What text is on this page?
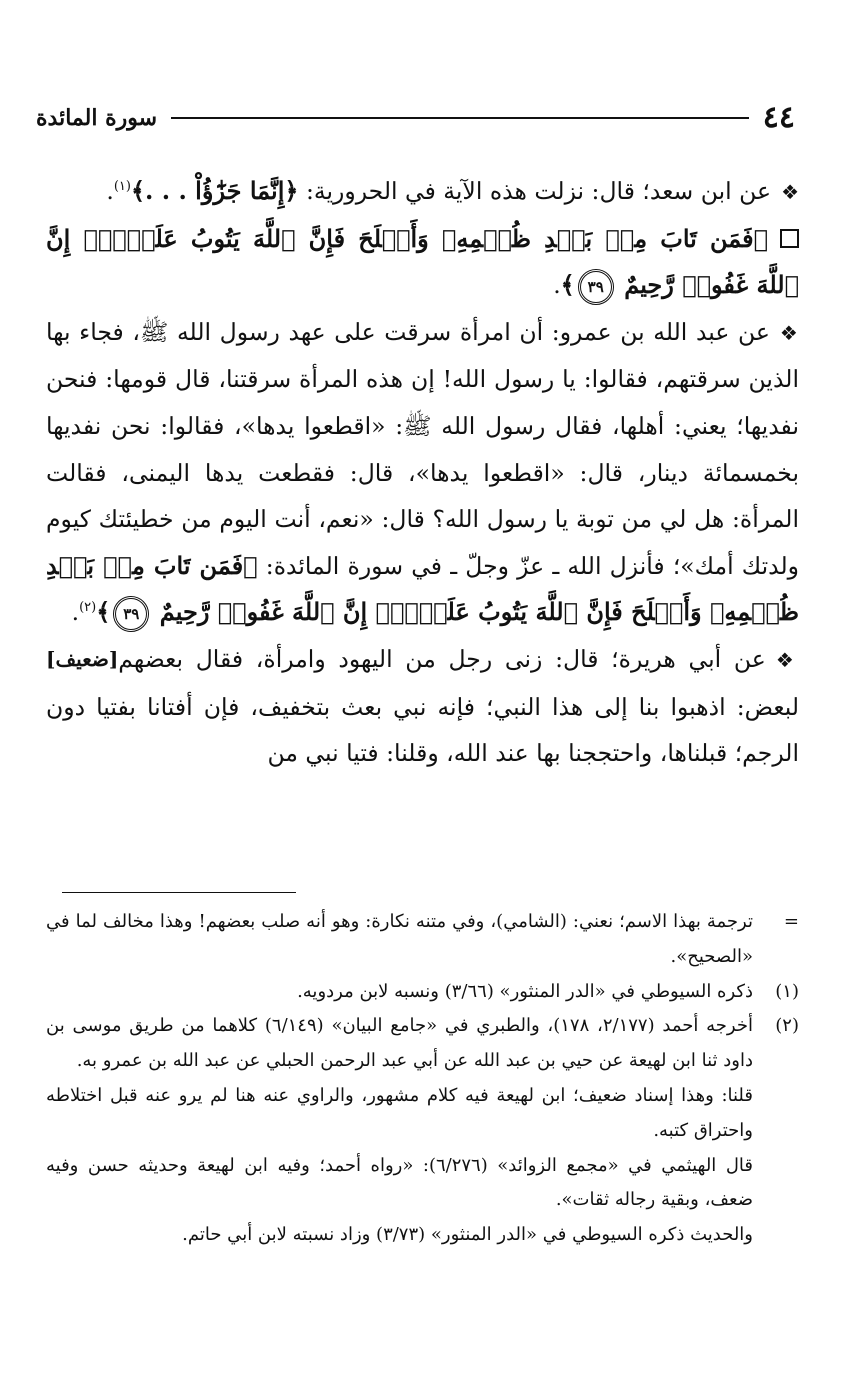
٤٤
سورة المائدة

❖عن ابن سعد؛ قال: نزلت هذه الآية في الحرورية: ﴿إِنَّمَا جَزَٰٓؤُاْ . . .﴾$^{(١)}$.

﴿فَمَن تَابَ مِنۢ بَعۡدِ ظُلۡمِهِۦ وَأَصۡلَحَ فَإِنَّ ٱللَّهَ يَتُوبُ عَلَيۡهِۚ إِنَّ ٱللَّهَ غَفُورٞ رَّحِيمٌ ٣٩﴾.

❖عن عبد الله بن عمرو: أن امرأة سرقت على عهد رسول الله ﷺ، فجاء بها الذين سرقتهم، فقالوا: يا رسول الله! إن هذه المرأة سرقتنا، قال قومها: فنحن نفديها؛ يعني: أهلها، فقال رسول الله ﷺ: «اقطعوا يدها»، فقالوا: نحن نفديها بخمسمائة دينار، قال: «اقطعوا يدها»، قال: فقطعت يدها اليمنى، فقالت المرأة: هل لي من توبة يا رسول الله؟ قال: «نعم، أنت اليوم من خطيئتك كيوم ولدتك أمك»؛ فأنزل الله ـ عزّ وجلّ ـ في سورة المائدة: ﴿فَمَن تَابَ مِنۢ بَعۡدِ ظُلۡمِهِۦ وَأَصۡلَحَ فَإِنَّ ٱللَّهَ يَتُوبُ عَلَيۡهِۚ إِنَّ ٱللَّهَ غَفُورٞ رَّحِيمٌ ٣٩﴾$^{(٢)}$.
[ضعيف]	❖عن أبي هريرة؛ قال: زنى رجل من اليهود وامرأة، فقال بعضهم لبعض: اذهبوا بنا إلى هذا النبي؛ فإنه نبي بعث بتخفيف، فإن أفتانا بفتيا دون الرجم؛ قبلناها، واحتججنا بها عند الله، وقلنا: فتيا نبي من

=

ترجمة بهذا الاسم؛ نعني: (الشامي)، وفي متنه نكارة: وهو أنه صلب بعضهم! وهذا مخالف لما في «الصحيح».

(١)

ذكره السيوطي في «الدر المنثور» (٣/٦٦) ونسبه لابن مردويه.

(٢)

أخرجه أحمد (٢/١٧٧، ١٧٨)، والطبري في «جامع البيان» (٦/١٤٩) كلاهما من طريق موسى بن داود ثنا ابن لهيعة عن حيي بن عبد الله عن أبي عبد الرحمن الحبلي عن عبد الله بن عمرو به.

قلنا: وهذا إسناد ضعيف؛ ابن لهيعة فيه كلام مشهور، والراوي عنه هنا لم يرو عنه قبل اختلاطه واحتراق كتبه.

قال الهيثمي في «مجمع الزوائد» (٦/٢٧٦): «رواه أحمد؛ وفيه ابن لهيعة وحديثه حسن وفيه ضعف، وبقية رجاله ثقات».

والحديث ذكره السيوطي في «الدر المنثور» (٣/٧٣) وزاد نسبته لابن أبي حاتم.
